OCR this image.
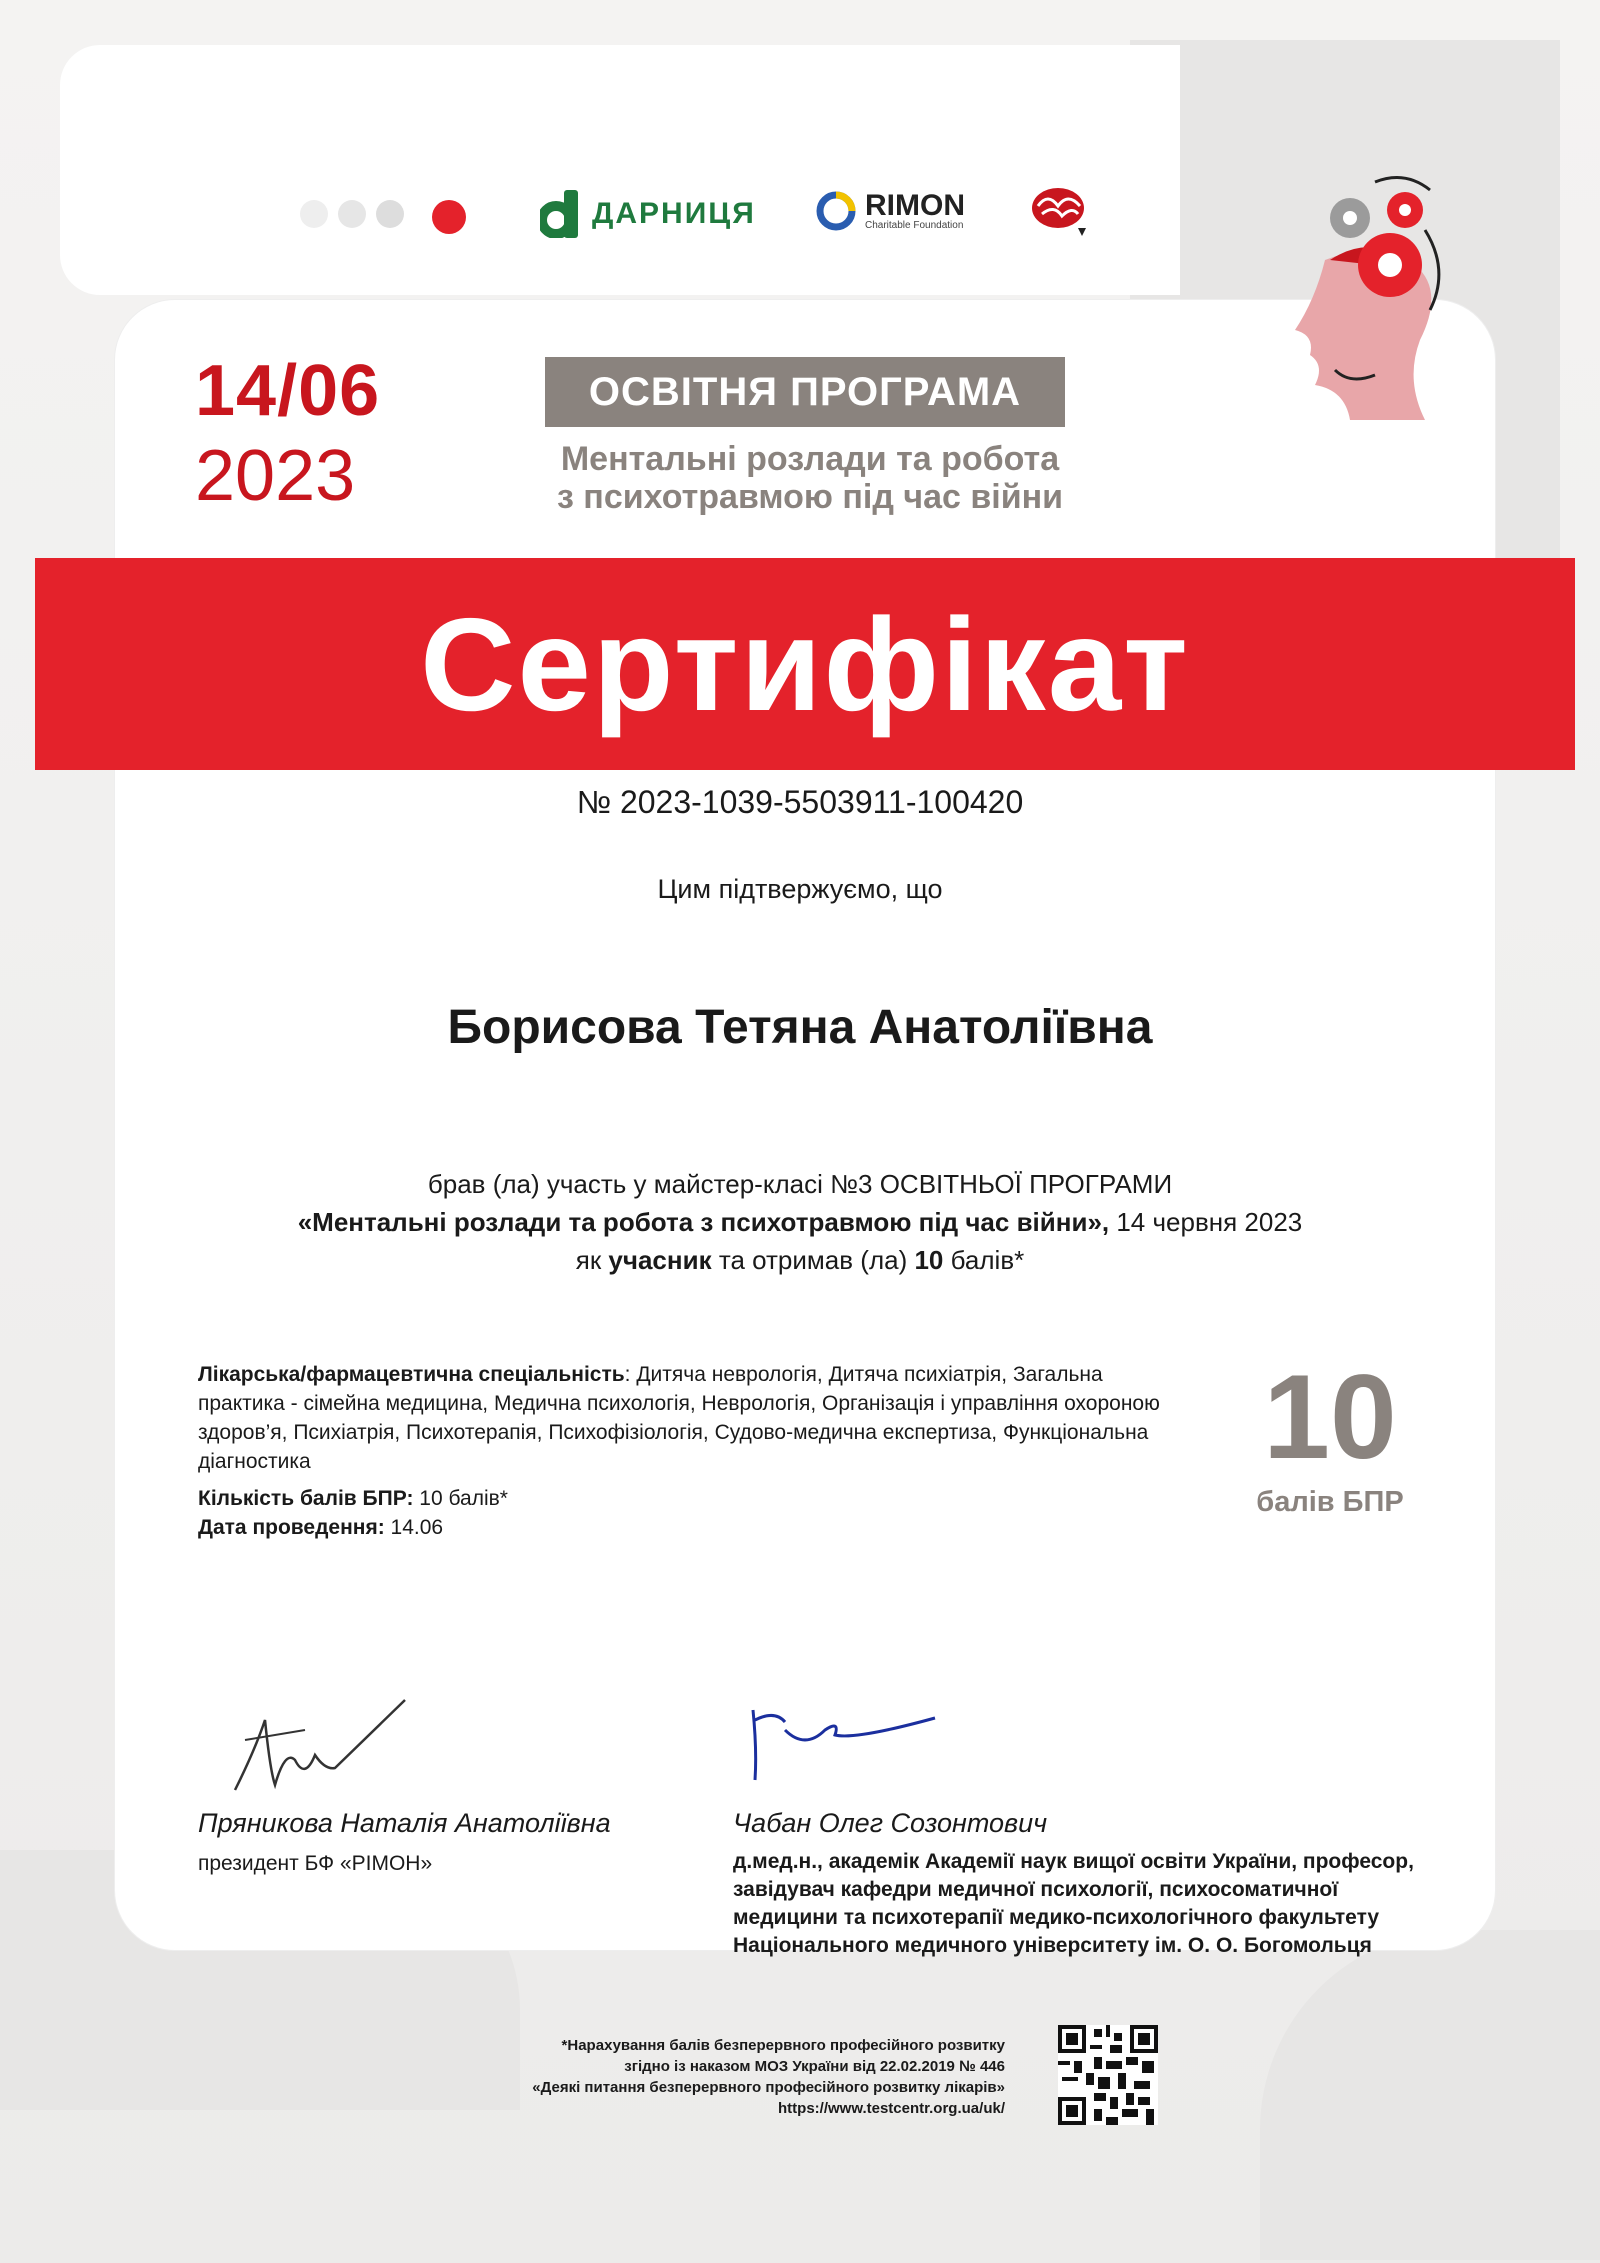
ДАРНИЦЯ	RIMON
Charitable Foundation
14/06
2023
ОСВІТНЯ ПРОГРАМА
Ментальні розлади та робота
з психотравмою під час війни
Сертифікат
№ 2023-1039-5503911-100420
Цим підтвержуємо, що
Борисова Тетяна Анатоліївна
брав (ла) участь у майстер-класі №3 ОСВІТНЬОЇ ПРОГРАМИ
«Ментальні розлади та робота з психотравмою під час війни», 14 червня 2023
як учасник та отримав (ла) 10 балів*
Лікарська/фармацевтична спеціальність: Дитяча неврологія, Дитяча психіатрія, Загальна практика - сімейна медицина, Медична психологія, Неврологія, Організація і управління охороною здоров’я, Психіатрія, Психотерапія, Психофізіологія, Судово-медична експертиза, Функціональна діагностика
Кількість балів БПР: 10 балів*
Дата проведення: 14.06
10
балів БПР
Пряникова Наталія Анатоліївна
президент БФ «РІМОН»
Чабан Олег Созонтович
д.мед.н., академік Академії наук вищої освіти України, професор,
завідувач кафедри медичної психології, психосоматичної
медицини та психотерапії медико-психологічного факультету
Національного медичного університету ім. О. О. Богомольця
*Нарахування балів безперервного професійного розвитку
згідно із наказом МОЗ України від 22.02.2019 № 446
«Деякі питання безперервного професійного розвитку лікарів»
https://www.testcentr.org.ua/uk/
